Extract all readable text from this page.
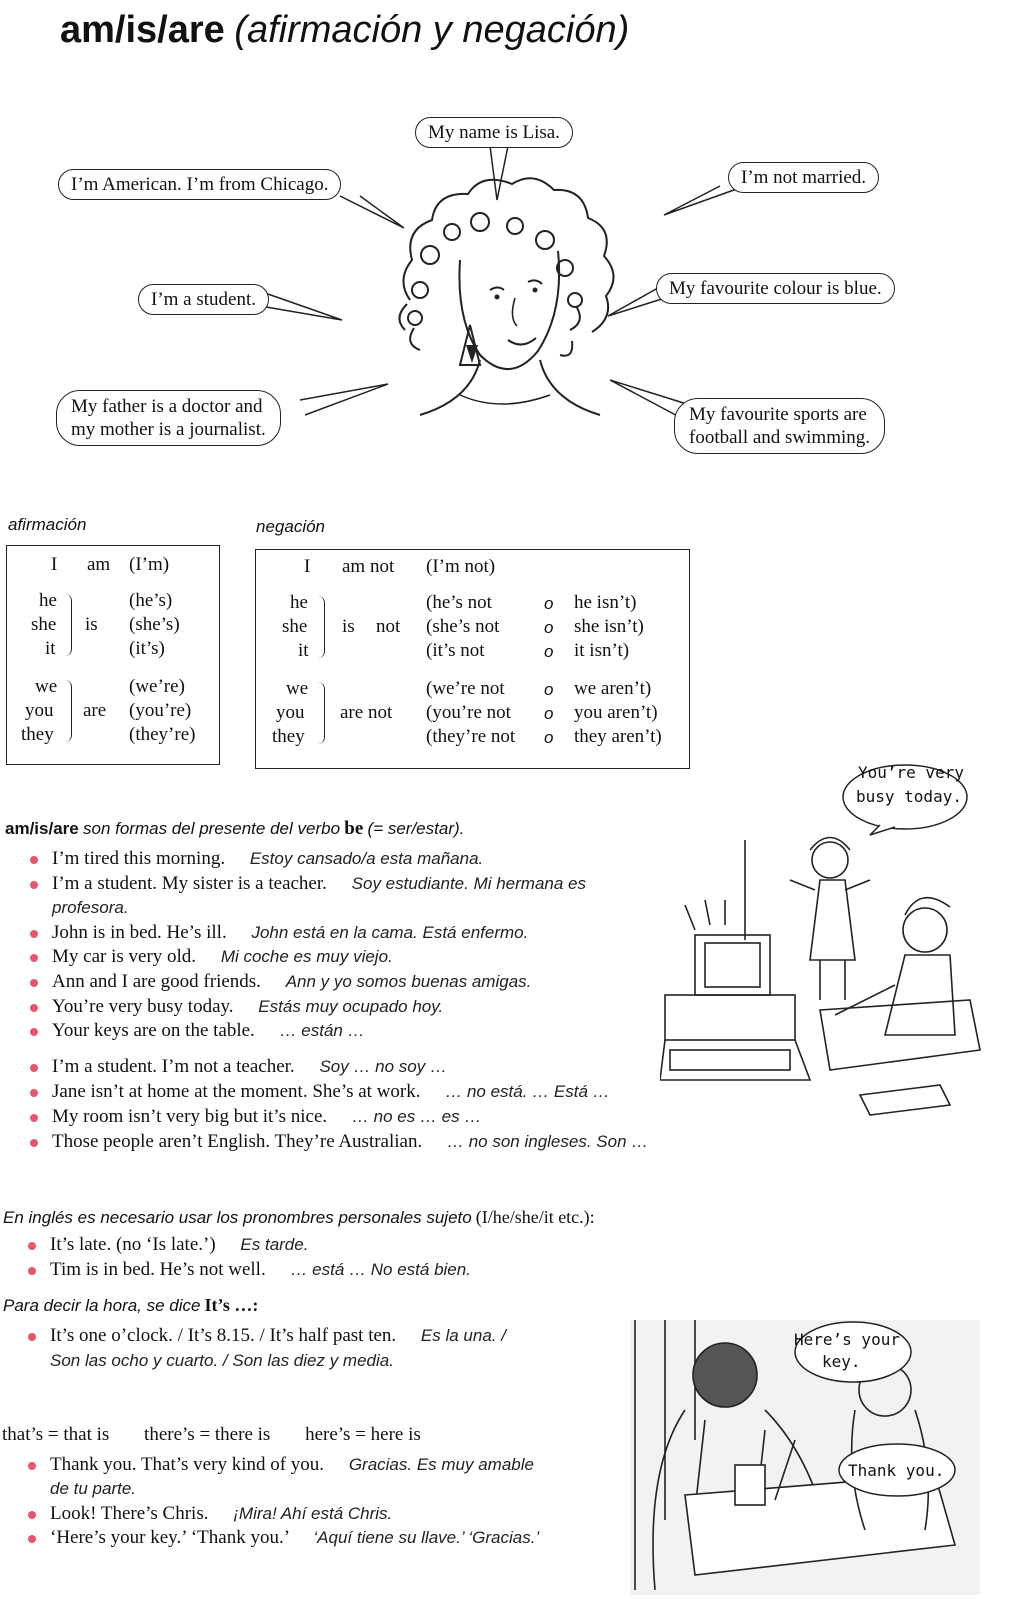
am/is/are (afirmación y negación)
My name is Lisa.
I’m American. I’m from Chicago.	I’m not married.
I’m a student.
My favourite colour is blue.
My father is a doctor and
my mother is a journalist.
My favourite sports are
football and swimming.
afirmación
I am (I’m)
he
she
it
is
(he’s)
(she’s)
(it’s)
we
you
they
are
(we’re)
(you’re)
(they’re)
negación
I am not (I’m not)
he
she
it
is not
(he’s not
(she’s not
(it’s not
o
o
o
he isn’t)
she isn’t)
it isn’t)
we
you
they
are not
(we’re not
(you’re not
(they’re not
o
o
o
we aren’t)
you aren’t)
they aren’t)
You’re very
busy today.
am/is/are son formas del presente del verbo be (= ser/estar).
I’m tired this morning. Estoy cansado/a esta mañana.
I’m a student. My sister is a teacher. Soy estudiante. Mi hermana es
profesora.
John is in bed. He’s ill. John está en la cama. Está enfermo.
My car is very old. Mi coche es muy viejo.
Ann and I are good friends. Ann y yo somos buenas amigas.
You’re very busy today. Estás muy ocupado hoy.
Your keys are on the table. … están …
I’m a student. I’m not a teacher. Soy … no soy …
Jane isn’t at home at the moment. She’s at work. … no está. … Está …
My room isn’t very big but it’s nice. … no es … es …
Those people aren’t English. They’re Australian. … no son ingleses. Son …
En inglés es necesario usar los pronombres personales sujeto (I/he/she/it etc.):
It’s late. (no ‘Is late.’) Es tarde.
Tim is in bed. He’s not well. … está … No está bien.
Para decir la hora, se dice It’s …:
It’s one o’clock. / It’s 8.15. / It’s half past ten. Es la una. /
Son las ocho y cuarto. / Son las diez y media.
that’s = that is there’s = there is here’s = here is
Thank you. That’s very kind of you. Gracias. Es muy amable
de tu parte.
Look! There’s Chris. ¡Mira! Ahí está Chris.
‘Here’s your key.’ ‘Thank you.’ ‘Aquí tiene su llave.’ ‘Gracias.’
Here’s your
key.
Thank you.
